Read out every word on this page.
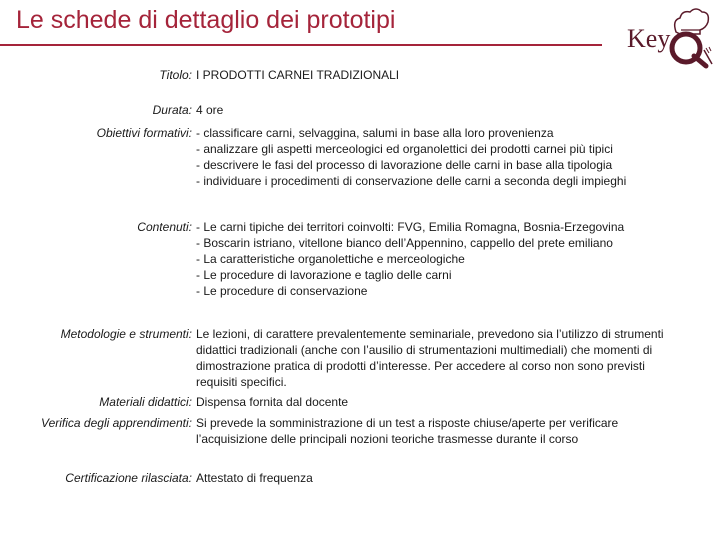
Le schede di dettaglio dei prototipi
Key
Titolo: I PRODOTTI CARNEI TRADIZIONALI
Durata: 4 ore
Obiettivi formativi: - classificare carni, selvaggina, salumi in base alla loro provenienza
- analizzare gli aspetti merceologici ed organolettici dei prodotti carnei più tipici
- descrivere le fasi del processo di lavorazione delle carni in base alla tipologia
- individuare i procedimenti di conservazione delle carni a seconda degli impieghi
Contenuti: - Le carni tipiche dei territori coinvolti: FVG, Emilia Romagna, Bosnia-Erzegovina
- Boscarin istriano, vitellone bianco dell’Appennino, cappello del prete emiliano
- La caratteristiche organolettiche e merceologiche
- Le procedure di lavorazione e taglio delle carni
- Le procedure di conservazione
Metodologie e strumenti: Le lezioni, di carattere prevalentemente seminariale, prevedono sia l’utilizzo di strumenti didattici tradizionali (anche con l’ausilio di strumentazioni multimediali) che momenti di dimostrazione pratica di prodotti d’interesse. Per accedere al corso non sono previsti requisiti specifici.
Materiali didattici: Dispensa fornita dal docente
Verifica degli apprendimenti: Si prevede la somministrazione di un test a risposte chiuse/aperte per verificare l’acquisizione delle principali nozioni teoriche trasmesse durante il corso
Certificazione rilasciata: Attestato di frequenza
